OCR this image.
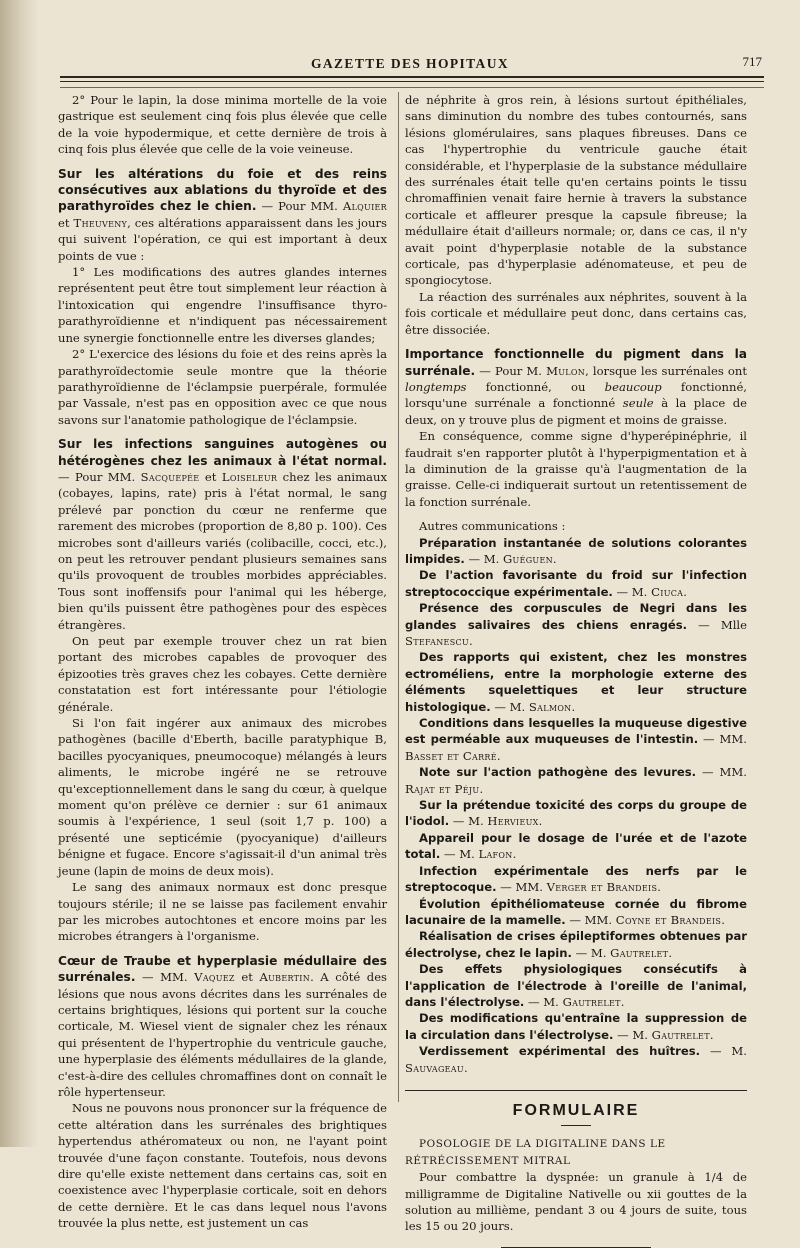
GAZETTE DES HOPITAUX	717

2° Pour le lapin, la dose minima mortelle de la voie gastrique est seulement cinq fois plus élevée que celle de la voie hypodermique, et cette dernière de trois à cinq fois plus élevée que celle de la voie veineuse.

Sur les altérations du foie et des reins consécutives aux ablations du thyroïde et des parathyroïdes chez le chien. — Pour MM. Alquier et Theuveny, ces altérations apparaissent dans les jours qui suivent l'opération, ce qui est important à deux points de vue :

1° Les modifications des autres glandes internes représentent peut être tout simplement leur réaction à l'intoxication qui engendre l'insuffisance thyro-parathyroïdienne et n'indiquent pas nécessairement une synergie fonctionnelle entre les diverses glandes;

2° L'exercice des lésions du foie et des reins après la parathyroïdectomie seule montre que la théorie parathyroïdienne de l'éclampsie puerpérale, formulée par Vassale, n'est pas en opposition avec ce que nous savons sur l'anatomie pathologique de l'éclampsie.

Sur les infections sanguines autogènes ou hétérogènes chez les animaux à l'état normal. — Pour MM. Sacquepée et Loiseleur chez les animaux (cobayes, lapins, rate) pris à l'état normal, le sang prélevé par ponction du cœur ne renferme que rarement des microbes (proportion de 8,80 p. 100). Ces microbes sont d'ailleurs variés (colibacille, cocci, etc.), on peut les retrouver pendant plusieurs semaines sans qu'ils provoquent de troubles morbides appréciables. Tous sont inoffensifs pour l'animal qui les héberge, bien qu'ils puissent être pathogènes pour des espèces étrangères.

On peut par exemple trouver chez un rat bien portant des microbes capables de provoquer des épizooties très graves chez les cobayes. Cette dernière constatation est fort intéressante pour l'étiologie générale.

Si l'on fait ingérer aux animaux des microbes pathogènes (bacille d'Eberth, bacille paratyphique B, bacilles pyocyaniques, pneumocoque) mélangés à leurs aliments, le microbe ingéré ne se retrouve qu'exceptionnellement dans le sang du cœur, à quelque moment qu'on prélève ce dernier : sur 61 animaux soumis à l'expérience, 1 seul (soit 1,7 p. 100) a présenté une septicémie (pyocyanique) d'ailleurs bénigne et fugace. Encore s'agissait-il d'un animal très jeune (lapin de moins de deux mois).

Le sang des animaux normaux est donc presque toujours stérile; il ne se laisse pas facilement envahir par les microbes autochtones et encore moins par les microbes étrangers à l'organisme.

Cœur de Traube et hyperplasie médullaire des surrénales. — MM. Vaquez et Aubertin. A côté des lésions que nous avons décrites dans les surrénales de certains brightiques, lésions qui portent sur la couche corticale, M. Wiesel vient de signaler chez les rénaux qui présentent de l'hypertrophie du ventricule gauche, une hyperplasie des éléments médullaires de la glande, c'est-à-dire des cellules chromaffines dont on connaît le rôle hypertenseur.

Nous ne pouvons nous prononcer sur la fréquence de cette altération dans les surrénales des brightiques hypertendus athéromateux ou non, ne l'ayant point trouvée d'une façon constante. Toutefois, nous devons dire qu'elle existe nettement dans certains cas, soit en coexistence avec l'hyperplasie corticale, soit en dehors de cette dernière. Et le cas dans lequel nous l'avons trouvée la plus nette, est justement un cas

de néphrite à gros rein, à lésions surtout épithéliales, sans diminution du nombre des tubes contournés, sans lésions glomérulaires, sans plaques fibreuses. Dans ce cas l'hypertrophie du ventricule gauche était considérable, et l'hyperplasie de la substance médullaire des surrénales était telle qu'en certains points le tissu chromaffinien venait faire hernie à travers la substance corticale et affleurer presque la capsule fibreuse; la médullaire était d'ailleurs normale; or, dans ce cas, il n'y avait point d'hyperplasie notable de la substance corticale, pas d'hyperplasie adénomateuse, et peu de spongiocytose.

La réaction des surrénales aux néphrites, souvent à la fois corticale et médullaire peut donc, dans certains cas, être dissociée.

Importance fonctionnelle du pigment dans la surrénale. — Pour M. Mulon, lorsque les surrénales ont longtemps fonctionné, ou beaucoup fonctionné, lorsqu'une surrénale a fonctionné seule à la place de deux, on y trouve plus de pigment et moins de graisse.

En conséquence, comme signe d'hyperépinéphrie, il faudrait s'en rapporter plutôt à l'hyperpigmentation et à la diminution de la graisse qu'à l'augmentation de la graisse. Celle-ci indiquerait surtout un retentissement de la fonction surrénale.

Autres communications :

Préparation instantanée de solutions colorantes limpides. — M. Guéguen.

De l'action favorisante du froid sur l'infection streptococcique expérimentale. — M. Ciuca.

Présence des corpuscules de Negri dans les glandes salivaires des chiens enragés. — Mlle Stefanescu.

Des rapports qui existent, chez les monstres ectroméliens, entre la morphologie externe des éléments squelettiques et leur structure histologique. — M. Salmon.

Conditions dans lesquelles la muqueuse digestive est perméable aux muqueuses de l'intestin. — MM. Basset et Carré.

Note sur l'action pathogène des levures. — MM. Rajat et Péju.

Sur la prétendue toxicité des corps du groupe de l'iodol. — M. Hervieux.

Appareil pour le dosage de l'urée et de l'azote total. — M. Lafon.

Infection expérimentale des nerfs par le streptocoque. — MM. Verger et Brandeis.

Évolution épithéliomateuse cornée du fibrome lacunaire de la mamelle. — MM. Coyne et Brandeis.

Réalisation de crises épileptiformes obtenues par électrolyse, chez le lapin. — M. Gautrelet.

Des effets physiologiques consécutifs à l'application de l'électrode à l'oreille de l'animal, dans l'électrolyse. — M. Gautrelet.

Des modifications qu'entraîne la suppression de la circulation dans l'électrolyse. — M. Gautrelet.

Verdissement expérimental des huîtres. — M. Sauvageau.

FORMULAIRE

POSOLOGIE DE LA DIGITALINE DANS LE RÉTRÉCISSEMENT MITRAL

Pour combattre la dyspnée: un granule à 1/4 de milligramme de Digitaline Nativelle ou xii gouttes de la solution au millième, pendant 3 ou 4 jours de suite, tous les 15 ou 20 jours.
